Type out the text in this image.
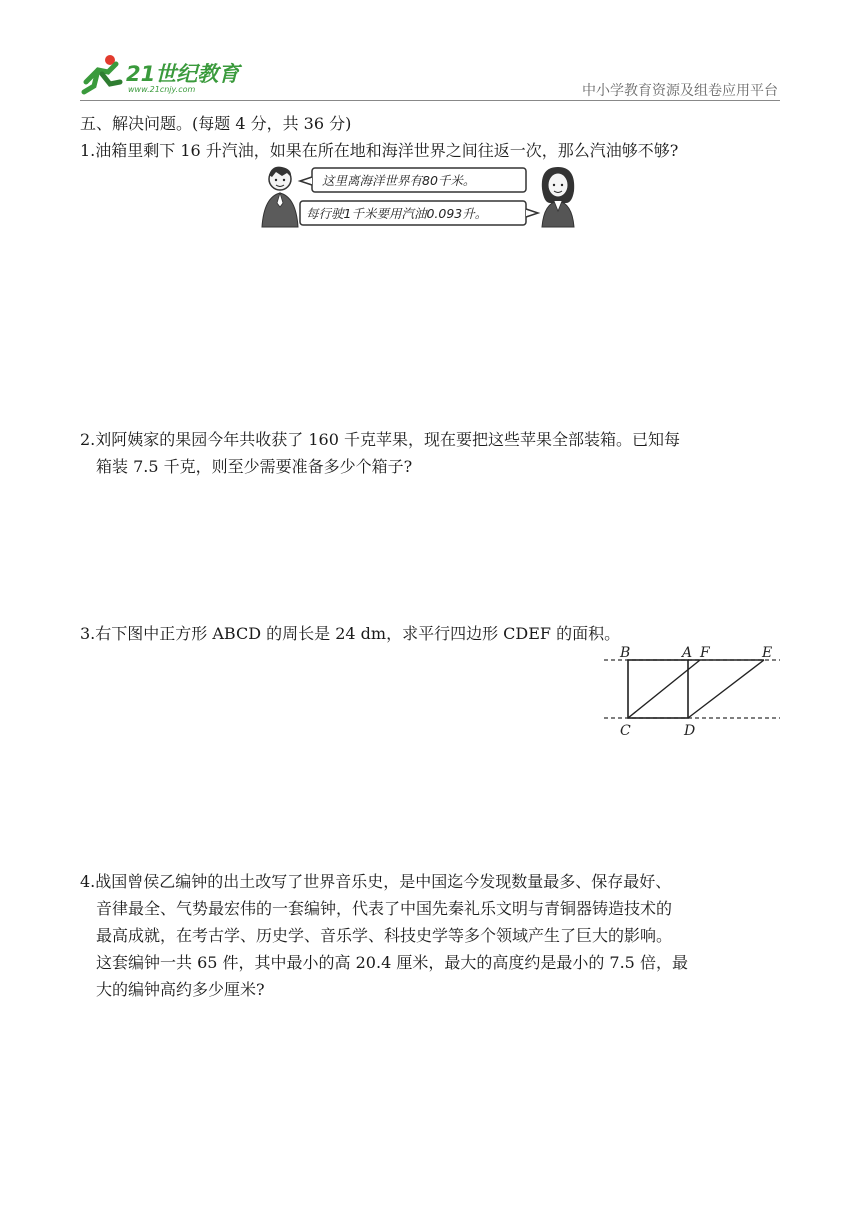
21世纪教育
www.21cnjy.com	中小学教育资源及组卷应用平台
五、解决问题。(每题 4 分，共 36 分)
1.油箱里剩下 16 升汽油，如果在所在地和海洋世界之间往返一次，那么汽油够不够?
这里离海洋世界有80千米。
每行驶1千米要用汽油0.093升。
2.刘阿姨家的果园今年共收获了 160 千克苹果，现在要把这些苹果全部装箱。已知每
箱装 7.5 千克，则至少需要准备多少个箱子?
3.右下图中正方形 ABCD 的周长是 24 dm，求平行四边形 CDEF 的面积。
B	A F	E
C	D
4.战国曾侯乙编钟的出土改写了世界音乐史，是中国迄今发现数量最多、保存最好、
音律最全、气势最宏伟的一套编钟，代表了中国先秦礼乐文明与青铜器铸造技术的
最高成就，在考古学、历史学、音乐学、科技史学等多个领域产生了巨大的影响。
这套编钟一共 65 件，其中最小的高 20.4 厘米，最大的高度约是最小的 7.5 倍，最
大的编钟高约多少厘米?
